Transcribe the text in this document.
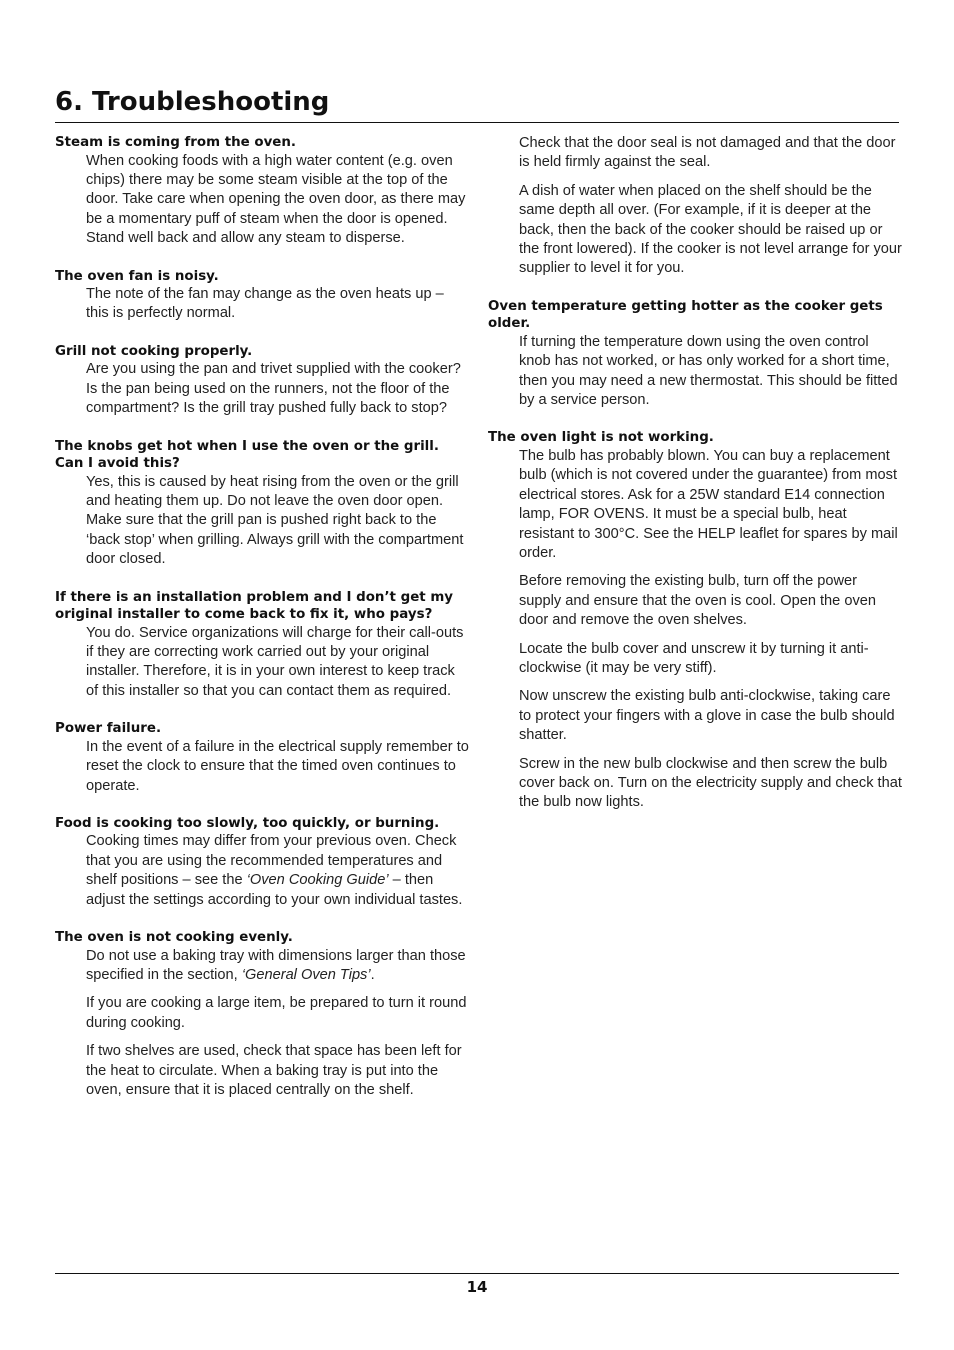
6. Troubleshooting

Steam is coming from the oven.

When cooking foods with a high water content (e.g. oven chips) there may be some steam visible at the top of the door. Take care when opening the oven door, as there may be a momentary puff of steam when the door is opened. Stand well back and allow any steam to disperse.

The oven fan is noisy.

The note of the fan may change as the oven heats up – this is perfectly normal.

Grill not cooking properly.

Are you using the pan and trivet supplied with the cooker? Is the pan being used on the runners, not the floor of the compartment? Is the grill tray pushed fully back to stop?

The knobs get hot when I use the oven or the grill. Can I avoid this?

Yes, this is caused by heat rising from the oven or the grill and heating them up. Do not leave the oven door open. Make sure that the grill pan is pushed right back to the ‘back stop’ when grilling. Always grill with the compartment door closed.

If there is an installation problem and I don’t get my original installer to come back to fix it, who pays?

You do. Service organizations will charge for their call-outs if they are correcting work carried out by your original installer. Therefore, it is in your own interest to keep track of this installer so that you can contact them as required.

Power failure.

In the event of a failure in the electrical supply remember to reset the clock to ensure that the timed oven continues to operate.

Food is cooking too slowly, too quickly, or burning.

Cooking times may differ from your previous oven. Check that you are using the recommended temperatures and shelf positions – see the ‘Oven Cooking Guide’ – then adjust the settings according to your own individual tastes.

The oven is not cooking evenly.

Do not use a baking tray with dimensions larger than those specified in the section, ‘General Oven Tips’.

If you are cooking a large item, be prepared to turn it round during cooking.

If two shelves are used, check that space has been left for the heat to circulate. When a baking tray is put into the oven, ensure that it is placed centrally on the shelf.

Check that the door seal is not damaged and that the door is held firmly against the seal.

A dish of water when placed on the shelf should be the same depth all over. (For example, if it is deeper at the back, then the back of the cooker should be raised up or the front lowered). If the cooker is not level arrange for your supplier to level it for you.

Oven temperature getting hotter as the cooker gets older.

If turning the temperature down using the oven control knob has not worked, or has only worked for a short time, then you may need a new thermostat. This should be fitted by a service person.

The oven light is not working.

The bulb has probably blown. You can buy a replacement bulb (which is not covered under the guarantee) from most electrical stores. Ask for a 25W standard E14 connection lamp, FOR OVENS. It must be a special bulb, heat resistant to 300°C. See the HELP leaflet for spares by mail order.

Before removing the existing bulb, turn off the power supply and ensure that the oven is cool. Open the oven door and remove the oven shelves.

Locate the bulb cover and unscrew it by turning it anti-clockwise (it may be very stiff).

Now unscrew the existing bulb anti-clockwise, taking care to protect your fingers with a glove in case the bulb should shatter.

Screw in the new bulb clockwise and then screw the bulb cover back on. Turn on the electricity supply and check that the bulb now lights.

14
